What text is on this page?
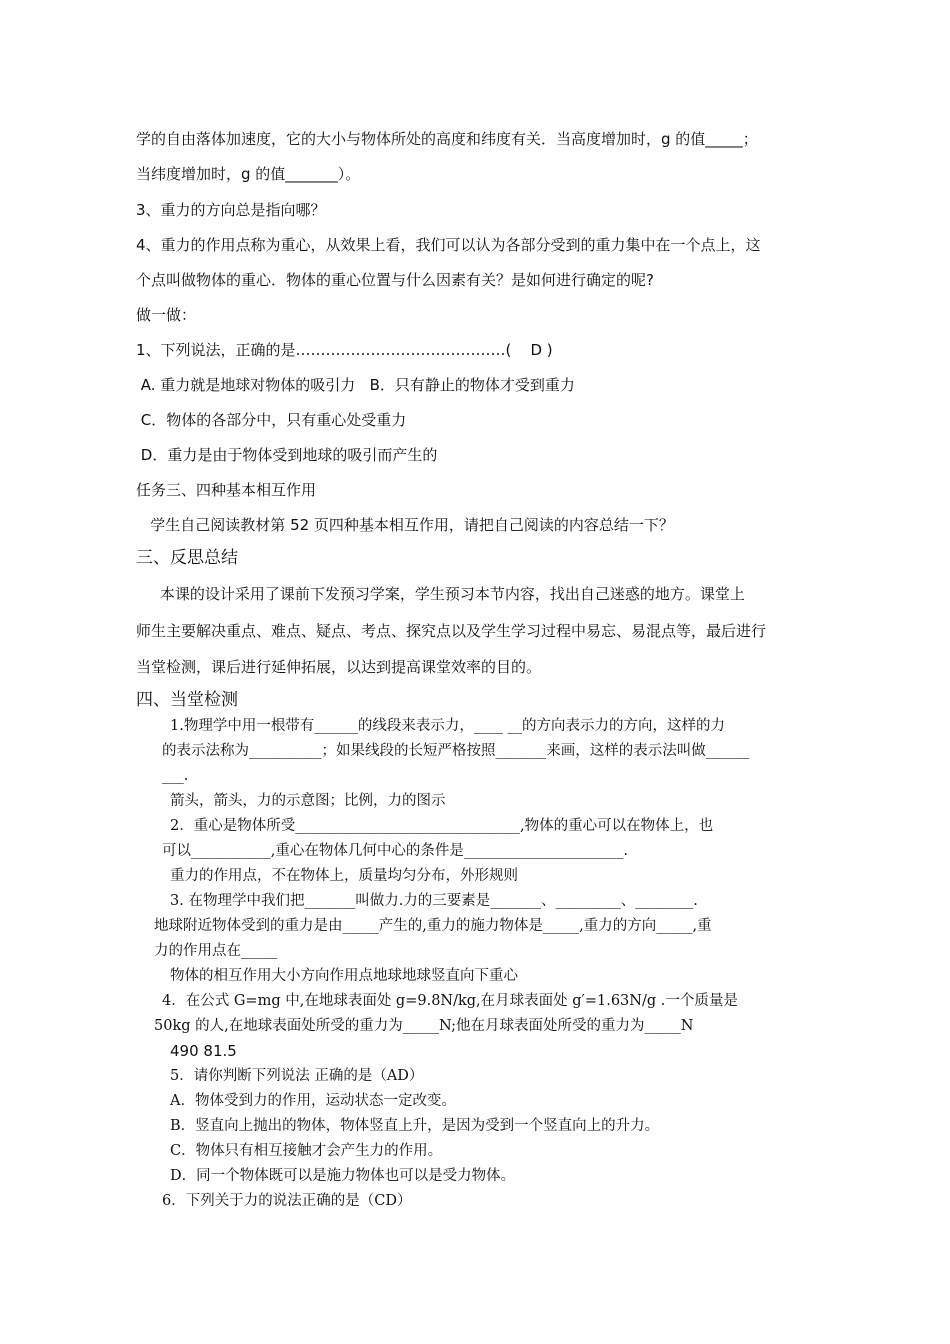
学的自由落体加速度，它的大小与物体所处的高度和纬度有关．当高度增加时，g 的值_____；
当纬度增加时，g 的值_______）。
3、重力的方向总是指向哪？
4、重力的作用点称为重心，从效果上看，我们可以认为各部分受到的重力集中在一个点上，这
个点叫做物体的重心．物体的重心位置与什么因素有关？是如何进行确定的呢?
做一做：
1、下列说法，正确的是……………………………………(    D )
A. 重力就是地球对物体的吸引力   B．只有静止的物体才受到重力
C．物体的各部分中，只有重心处受重力
D．重力是由于物体受到地球的吸引而产生的
任务三、四种基本相互作用
学生自己阅读教材第 52 页四种基本相互作用，请把自己阅读的内容总结一下？
三、反思总结
本课的设计采用了课前下发预习学案，学生预习本节内容，找出自己迷惑的地方。课堂上
师生主要解决重点、难点、疑点、考点、探究点以及学生学习过程中易忘、易混点等，最后进行
当堂检测，课后进行延伸拓展，以达到提高课堂效率的目的。
四、当堂检测
1.物理学中用一根带有______的线段来表示力，____ __的方向表示力的方向，这样的力
的表示法称为__________；如果线段的长短严格按照_______来画，这样的表示法叫做______
___.
箭头，箭头，力的示意图；比例，力的图示
2．重心是物体所受_______________________________,物体的重心可以在物体上，也
可以___________,重心在物体几何中心的条件是______________________.
重力的作用点，不在物体上，质量均匀分布，外形规则
3. 在物理学中我们把_______叫做力.力的三要素是_______、_________、________.
地球附近物体受到的重力是由_____产生的,重力的施力物体是_____,重力的方向_____,重
力的作用点在_____
物体的相互作用大小方向作用点地球地球竖直向下重心
4．在公式 G=mg 中,在地球表面处 g=9.8N/kg,在月球表面处 g′=1.63N/g .一个质量是
50kg 的人,在地球表面处所受的重力为_____N;他在月球表面处所受的重力为_____N
490 81.5
5．请你判断下列说法 正确的是（AD）
A．物体受到力的作用，运动状态一定改变。
B．竖直向上抛出的物体，物体竖直上升，是因为受到一个竖直向上的升力。
C．物体只有相互接触才会产生力的作用。
D．同一个物体既可以是施力物体也可以是受力物体。
6．下列关于力的说法正确的是（CD）
